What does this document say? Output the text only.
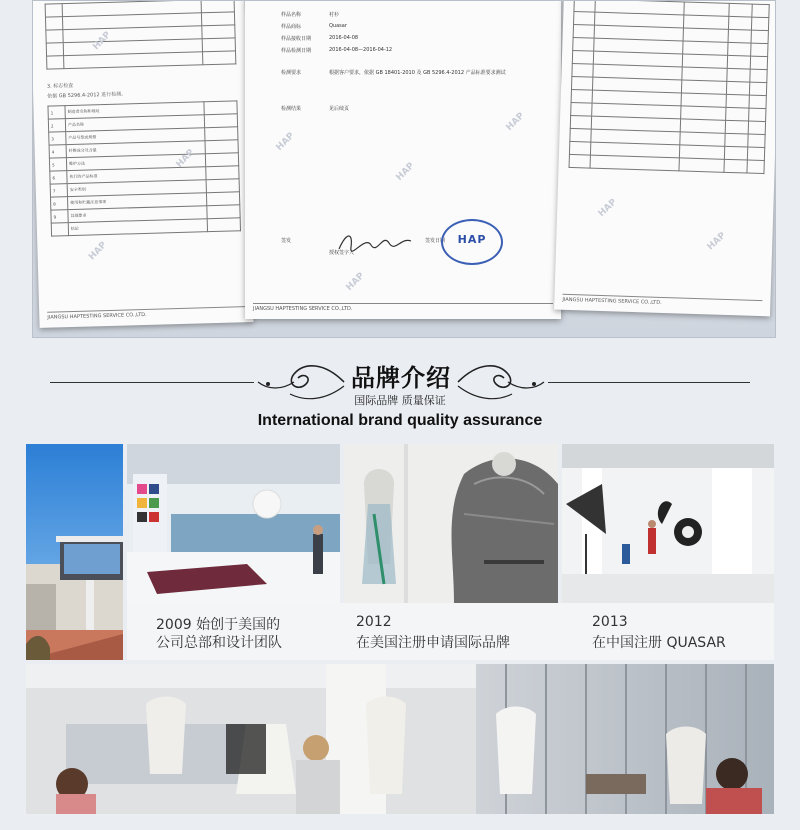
3. 标志检查
依据 GB 5296.4-2012 进行检测。

1	制造者名称和地址	
2	产品名称	
3	产品号型或规格	
4	纤维成分及含量	
5	维护方法	
6	执行的产品标准	
7	安全类别	
8	使用和贮藏注意事项	
9	其他要求	
	结论	
HAP
HAP
HAP
JIANGSU HAPTESTING SERVICE CO.,LTD.
样品名称	衬衫
样品商标	Quasar
样品接收日期	2016-04-08
样品检测日期	2016-04-08—2016-04-12
检测要求	根据客户要求，依据 GB 18401-2010 及 GB 5296.4-2012 产品标准要求测试
检测结果	见后续页
签发
授权签字人
签发日期	HAP
HAP
HAP
HAP
HAP
JIANGSU HAPTESTING SERVICE CO.,LTD.

HAP
HAP
JIANGSU HAPTESTING SERVICE CO.,LTD.
品牌介绍
国际品牌 质量保证
International brand quality assurance
2009 始创于美国的
公司总部和设计团队
2012
在美国注册申请国际品牌
2013
在中国注册 QUASAR
